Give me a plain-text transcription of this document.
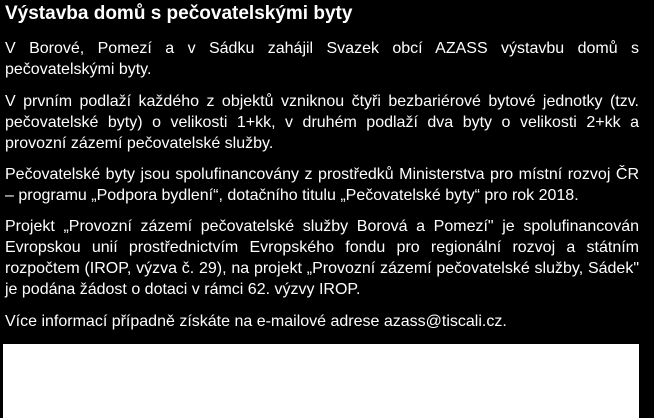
Výstavba domů s pečovatelskými byty

V Borové, Pomezí a v Sádku zahájil Svazek obcí AZASS výstavbu domů s pečovatelskými byty.

V prvním podlaží každého z objektů vzniknou čtyři bezbariérové bytové jednotky (tzv. pečovatelské byty) o velikosti 1+kk, v druhém podlaží dva byty o velikosti 2+kk a provozní zázemí pečovatelské služby.

Pečovatelské byty jsou spolufinancovány z prostředků Ministerstva pro místní rozvoj ČR – programu „Podpora bydlení“, dotačního titulu „Pečovatelské byty“ pro rok 2018.

Projekt „Provozní zázemí pečovatelské služby Borová a Pomezí" je spolufinancován Evropskou unií prostřednictvím Evropského fondu pro regionální rozvoj a státním rozpočtem (IROP, výzva č. 29), na projekt „Provozní zázemí pečovatelské služby, Sádek" je podána žádost o dotaci v rámci 62. výzvy IROP.

Více informací případně získáte na e-mailové adrese azass@tiscali.cz.
